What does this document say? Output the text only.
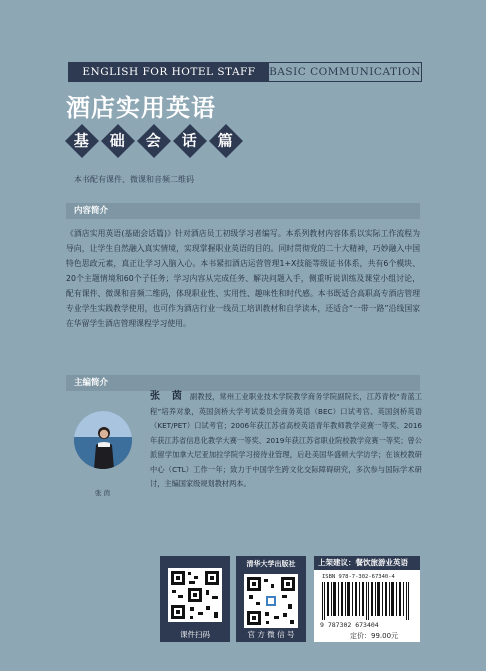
ENGLISH FOR HOTEL STAFF	BASIC COMMUNICATION
酒店实用英语
基 础 会 话 篇
本书配有课件、微课和音频二维码
内容简介
《酒店实用英语(基础会话篇)》针对酒店员工初级学习者编写。本系列教材内容体系以实际工作流程为导向，让学生自然融入真实情境，实现掌握职业英语的目的。同时贯彻党的二十大精神，巧妙融入中国特色思政元素，真正让学习入脑入心。本书紧扣酒店运营管理1+X技能等级证书体系，共有6个模块、20个主题情境和60个子任务；学习内容从完成任务、解决问题入手，侧重听说训练及课堂小组讨论，配有课件、微课和音频二维码，体现职业性、实用性、趣味性和时代感。本书既适合高职高专酒店管理专业学生实践教学使用，也可作为酒店行业一线员工培训教材和自学读本，还适合“一带一路”沿线国家在华留学生酒店管理课程学习使用。
主编简介
张 茵
张 茵 副教授，常州工业职业技术学院教学商务学院副院长，江苏青校“青蓝工程”培养对象，英国剑桥大学考试委员会商务英语（BEC）口试考官、英国剑桥英语（KET/PET）口试考官；2006年获江苏省高校英语青年教师教学竞赛一等奖、2016年获江苏省信息化教学大赛一等奖、2019年获江苏省职业院校教学竞赛一等奖；曾公派留学加拿大尼亚加拉学院学习接待业管理，后赴美国华盛顿大学访学；在该校教研中心（CTL）工作一年；致力于中国学生跨文化交际障碍研究，多次参与国际学术研讨，主编国家级规划教材两本。
课件扫码
清华大学出版社
官 方 微 信 号
上架建议：餐饮旅游业英语
ISBN 978-7-302-67340-4
9 787302 673404
定价：99.00元
